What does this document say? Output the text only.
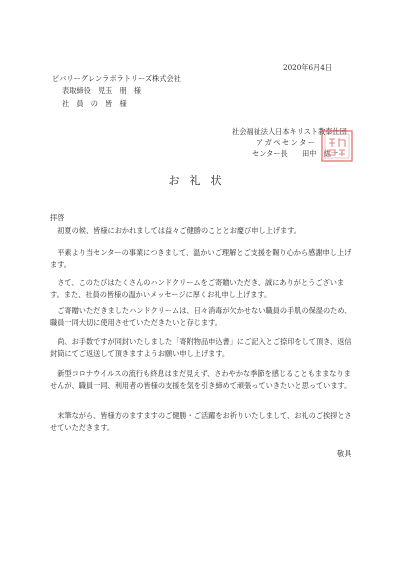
2020年6月4日
ビバリーグレンラボラトリーズ株式会社
表取締役　児玉　朋　様
社　員　の　皆　様
社会福祉法人日本キリスト教奉仕団
アガペセンター
センター長　　田中　紘一
お礼状
拝啓
初夏の候、皆様におかれましては益々ご健勝のこととお慶び申し上げます。
平素より当センターの事業につきまして、温かいご理解とご支援を賜り心から感謝申し上げます。
さて、このたびはたくさんのハンドクリームをご寄贈いただき、誠にありがとうございます。また、社員の皆様の温かいメッセージに厚くお礼申し上げます。
ご寄贈いただきましたハンドクリームは、日々消毒が欠かせない職員の手肌の保湿のため、職員一同大切に使用させていただきたいと存じます。
尚、お手数ですが同封いたしました「寄附物品申込書」にご記入とご捺印をして頂き、返信封筒にてご返送して頂きますようお願い申し上げます。
新型コロナウイルスの流行も終息はまだ見えず、さわやかな季節を感じることもままなりませんが、職員一同、利用者の皆様の支援を気を引き締めて頑張っていきたいと思っています。
末筆ながら、皆様方のますますのご健勝・ご活躍をお祈りいたしまして、お礼のご挨拶とさせていただきます。
敬具
